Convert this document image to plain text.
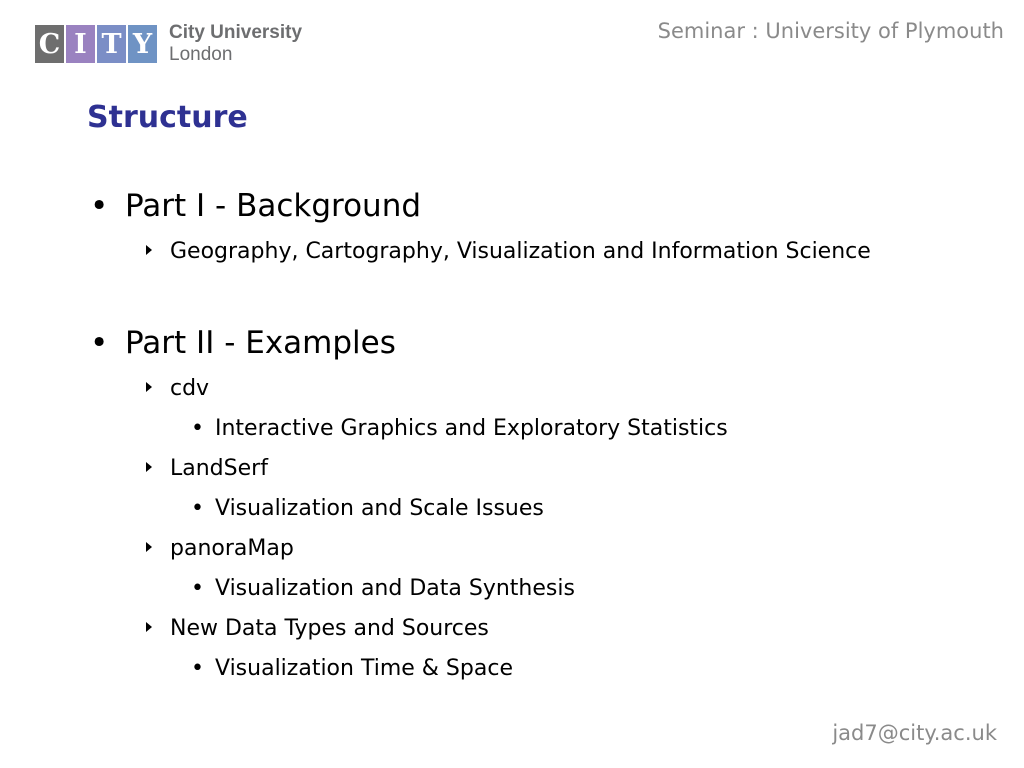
C I T Y City University
London
Seminar : University of Plymouth
Structure
• Part I - Background
Geography, Cartography, Visualization and Information Science
• Part II - Examples
cdv
• Interactive Graphics and Exploratory Statistics
LandSerf
• Visualization and Scale Issues
panoraMap
• Visualization and Data Synthesis
New Data Types and Sources
• Visualization Time & Space
jad7@city.ac.uk
